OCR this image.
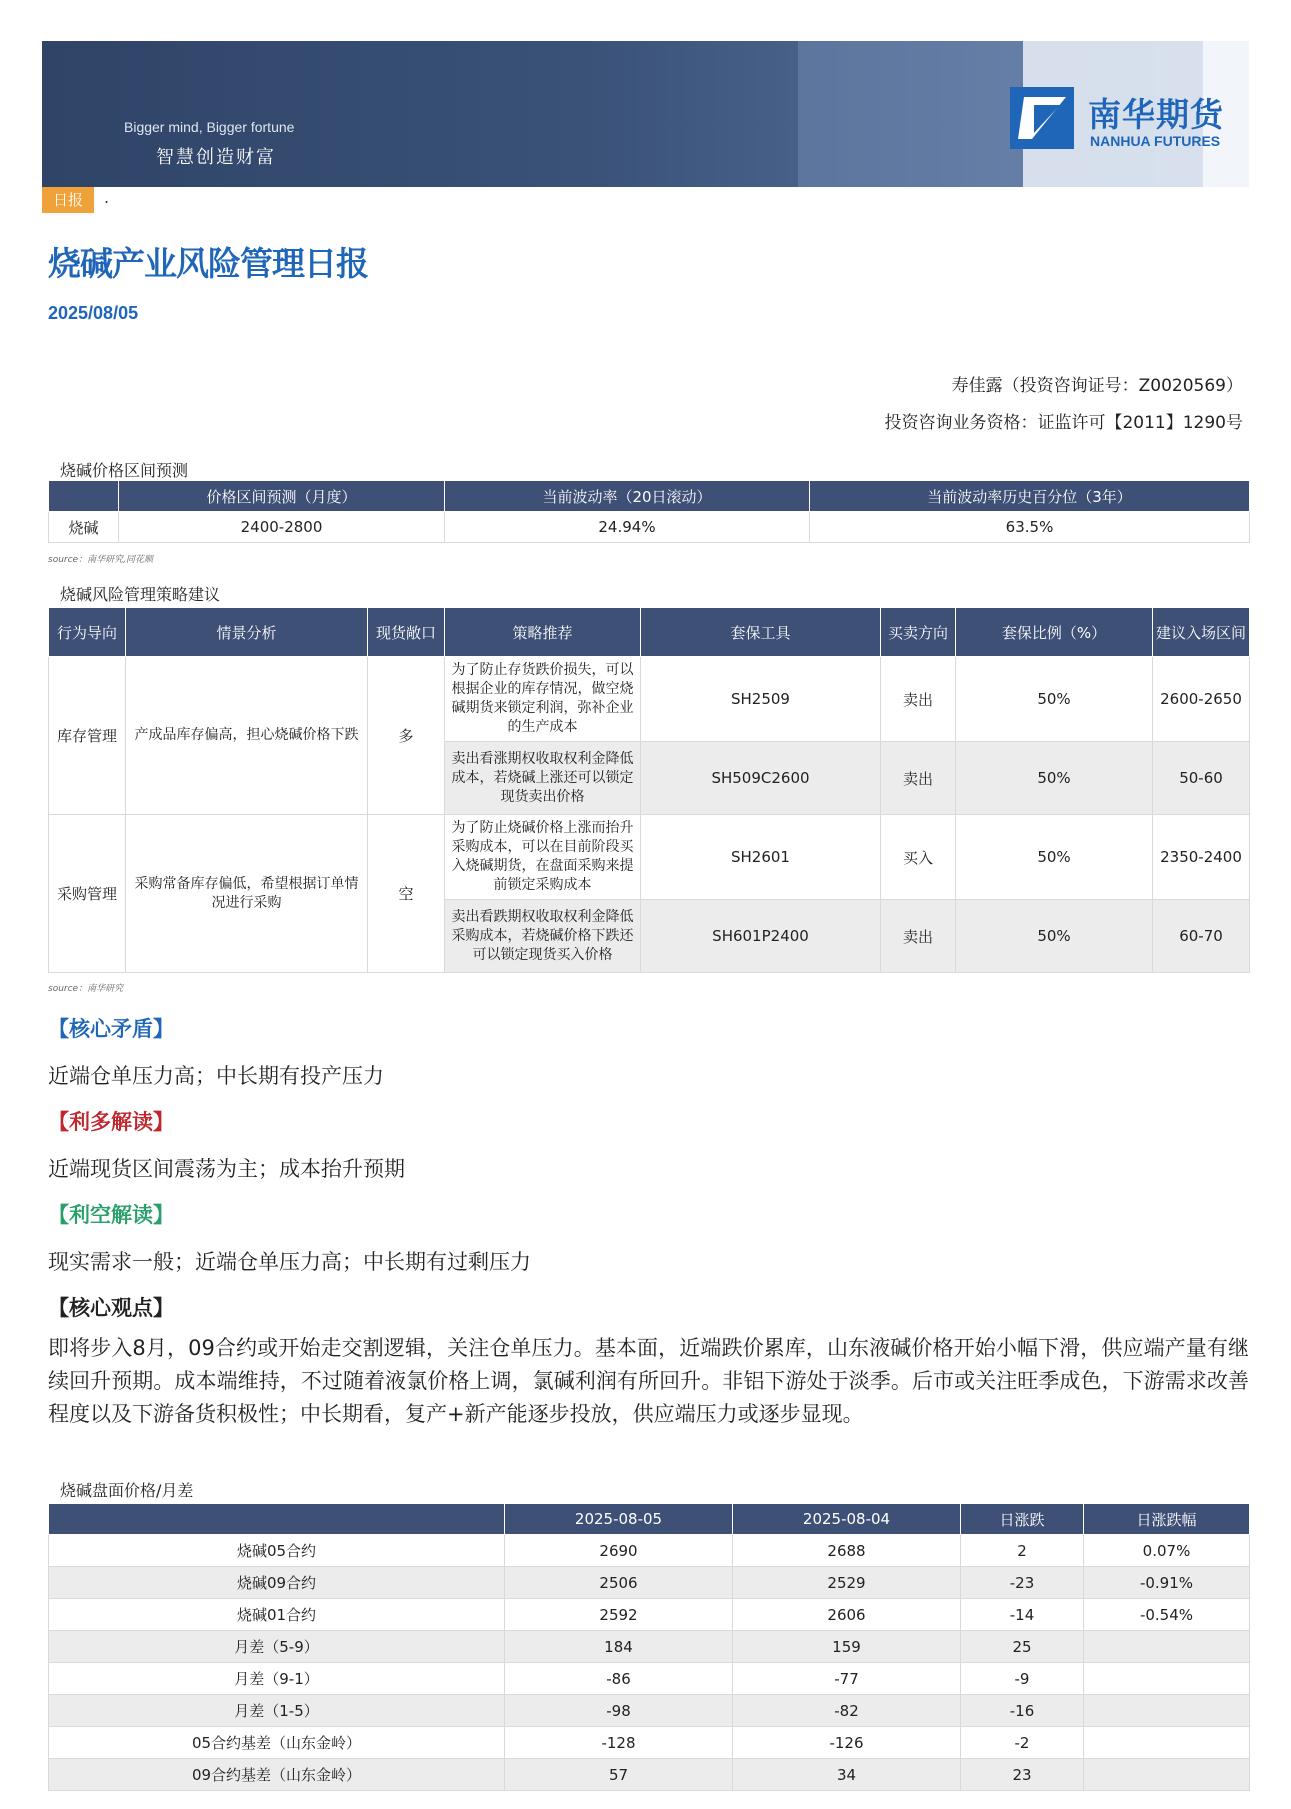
Bigger mind, Bigger fortune
智慧创造财富
南华期货
NANHUA FUTURES
日报	.
烧碱产业风险管理日报
2025/08/05
寿佳露（投资咨询证号：Z0020569）
投资咨询业务资格：证监许可【2011】1290号
烧碱价格区间预测
	价格区间预测（月度）	当前波动率（20日滚动）	当前波动率历史百分位（3年）
烧碱	2400-2800	24.94%	63.5%
source：南华研究,同花顺
烧碱风险管理策略建议
行为导向	情景分析	现货敞口	策略推荐	套保工具	买卖方向	套保比例（%）	建议入场区间
库存管理	产成品库存偏高，担心烧碱价格下跌	多	为了防止存货跌价损失，可以根据企业的库存情况，做空烧碱期货来锁定利润，弥补企业的生产成本	SH2509	卖出	50%	2600-2650
			卖出看涨期权收取权利金降低成本，若烧碱上涨还可以锁定现货卖出价格	SH509C2600	卖出	50%	50-60
采购管理	采购常备库存偏低，希望根据订单情况进行采购	空	为了防止烧碱价格上涨而抬升采购成本，可以在目前阶段买入烧碱期货，在盘面采购来提前锁定采购成本	SH2601	买入	50%	2350-2400
			卖出看跌期权收取权利金降低采购成本，若烧碱价格下跌还可以锁定现货买入价格	SH601P2400	卖出	50%	60-70
source：南华研究
【核心矛盾】
近端仓单压力高；中长期有投产压力
【利多解读】
近端现货区间震荡为主；成本抬升预期
【利空解读】
现实需求一般；近端仓单压力高；中长期有过剩压力
【核心观点】
即将步入8月，09合约或开始走交割逻辑，关注仓单压力。基本面，近端跌价累库，山东液碱价格开始小幅下滑，供应端产量有继续回升预期。成本端维持，不过随着液氯价格上调，氯碱利润有所回升。非铝下游处于淡季。后市或关注旺季成色，下游需求改善程度以及下游备货积极性；中长期看，复产+新产能逐步投放，供应端压力或逐步显现。
烧碱盘面价格/月差
	2025-08-05	2025-08-04	日涨跌	日涨跌幅
烧碱05合约	2690	2688	2	0.07%
烧碱09合约	2506	2529	-23	-0.91%
烧碱01合约	2592	2606	-14	-0.54%
月差（5-9）	184	159	25	
月差（9-1）	-86	-77	-9	
月差（1-5）	-98	-82	-16	
05合约基差（山东金岭）	-128	-126	-2	
09合约基差（山东金岭）	57	34	23	
